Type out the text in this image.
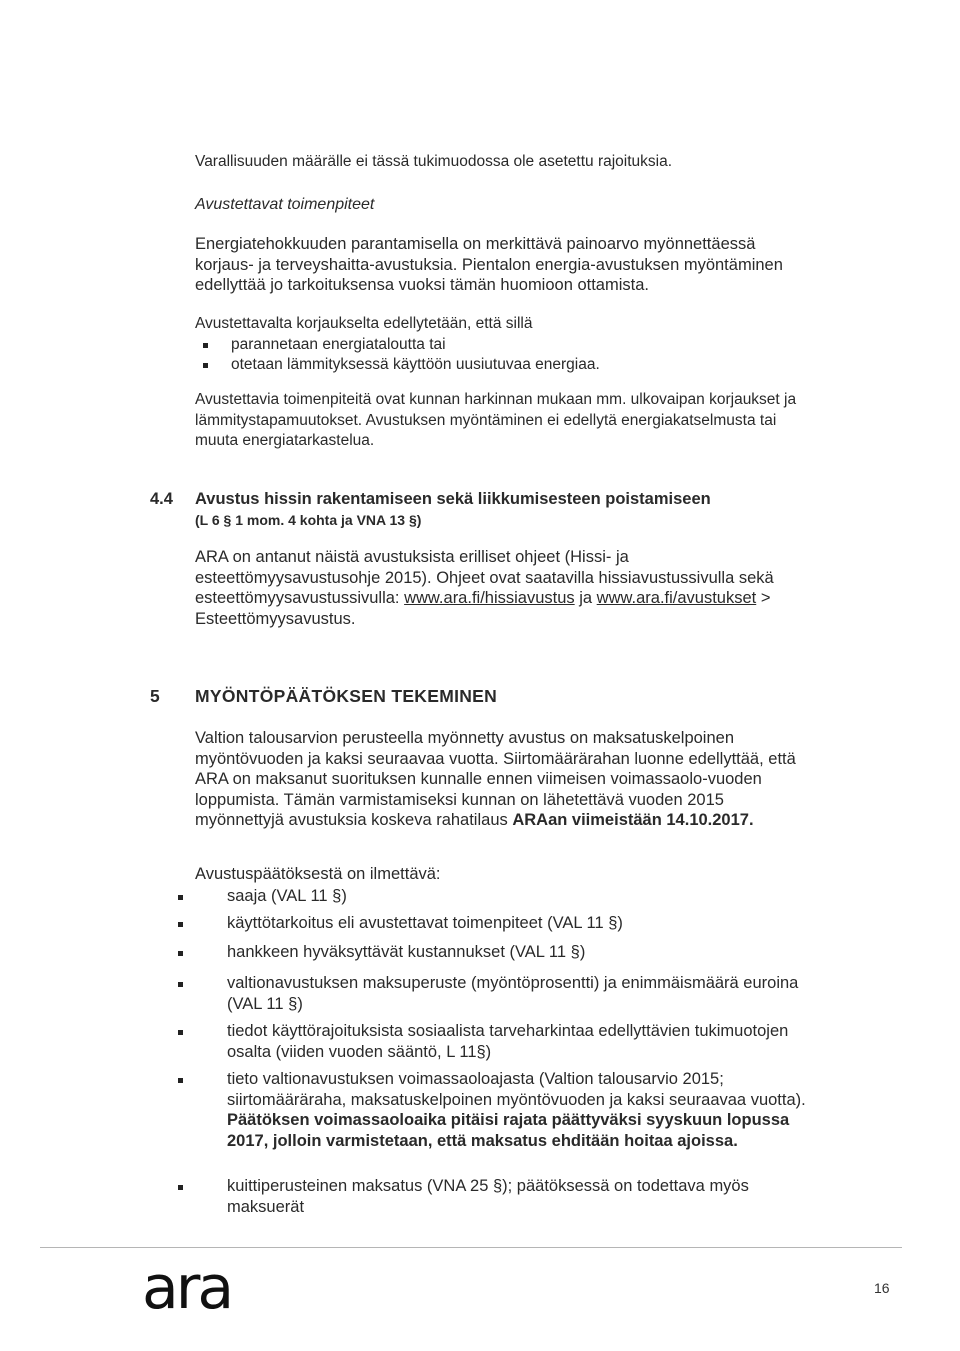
Varallisuuden määrälle ei tässä tukimuodossa ole asetettu rajoituksia.

Avustettavat toimenpiteet

Energiatehokkuuden parantamisella on merkittävä painoarvo myönnettäessä korjaus- ja terveyshaitta-avustuksia. Pientalon energia-avustuksen myöntäminen edellyttää jo tarkoituksensa vuoksi tämän huomioon ottamista.

Avustettavalta korjaukselta edellytetään, että sillä

parannetaan energiataloutta tai
otetaan lämmityksessä käyttöön uusiutuvaa energiaa.

Avustettavia toimenpiteitä ovat kunnan harkinnan mukaan mm. ulkovaipan korjaukset ja lämmitystapamuutokset. Avustuksen myöntäminen ei edellytä energiakatselmusta tai muuta energiatarkastelua.

4.4	Avustus hissin rakentamiseen sekä liikkumisesteen poistamiseen
(L 6 § 1 mom. 4 kohta ja VNA 13 §)

ARA on antanut näistä avustuksista erilliset ohjeet (Hissi- ja esteettömyysavustusohje 2015). Ohjeet ovat saatavilla hissiavustussivulla sekä esteettömyysavustussivulla: www.ara.fi/hissiavustus ja www.ara.fi/avustukset > Esteettömyysavustus.

5 MYÖNTÖPÄÄTÖKSEN TEKEMINEN

Valtion talousarvion perusteella myönnetty avustus on maksatuskelpoinen myöntövuoden ja kaksi seuraavaa vuotta. Siirtomäärärahan luonne edellyttää, että ARA on maksanut suorituksen kunnalle ennen viimeisen voimassaolo-vuoden loppumista. Tämän varmistamiseksi kunnan on lähetettävä vuoden 2015 myönnettyjä avustuksia koskeva rahatilaus ARAan viimeistään 14.10.2017.

Avustuspäätöksestä on ilmettävä:
saaja (VAL 11 §)
käyttötarkoitus eli avustettavat toimenpiteet (VAL 11 §)
hankkeen hyväksyttävät kustannukset (VAL 11 §)
valtionavustuksen maksuperuste (myöntöprosentti) ja enimmäismäärä euroina (VAL 11 §)
tiedot käyttörajoituksista sosiaalista tarveharkintaa edellyttävien tukimuotojen osalta (viiden vuoden sääntö, L 11§)
tieto valtionavustuksen voimassaoloajasta (Valtion talousarvio 2015; siirtomääräraha, maksatuskelpoinen myöntövuoden ja kaksi seuraavaa vuotta). Päätöksen voimassaoloaika pitäisi rajata päättyväksi syyskuun lopussa 2017, jolloin varmistetaan, että maksatus ehditään hoitaa ajoissa.
kuittiperusteinen maksatus (VNA 25 §); päätöksessä on todettava myös maksuerät
ara	16
